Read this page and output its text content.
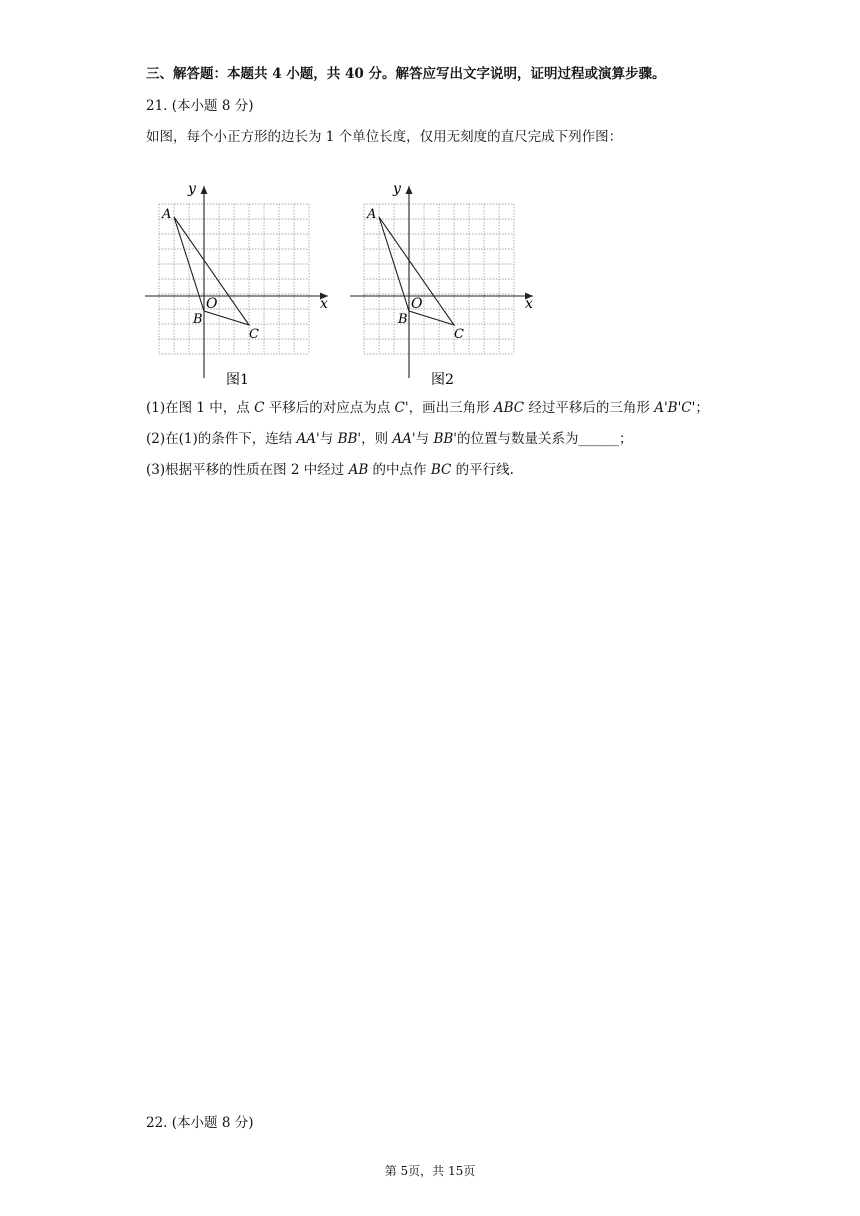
三、解答题：本题共 4 小题，共 40 分。解答应写出文字说明，证明过程或演算步骤。
21. (本小题 8 分)
如图，每个小正方形的边长为 1 个单位长度，仅用无刻度的直尺完成下列作图：
x
y
O
A
B
C
图1
x
y
O
A
B
C
图2
(1)在图 1 中，点 C 平移后的对应点为点 C'，画出三角形 ABC 经过平移后的三角形 A'B'C'；
(2)在(1)的条件下，连结 AA'与 BB'，则 AA'与 BB'的位置与数量关系为______；
(3)根据平移的性质在图 2 中经过 AB 的中点作 BC 的平行线.
22. (本小题 8 分)
第 5页，共 15页
